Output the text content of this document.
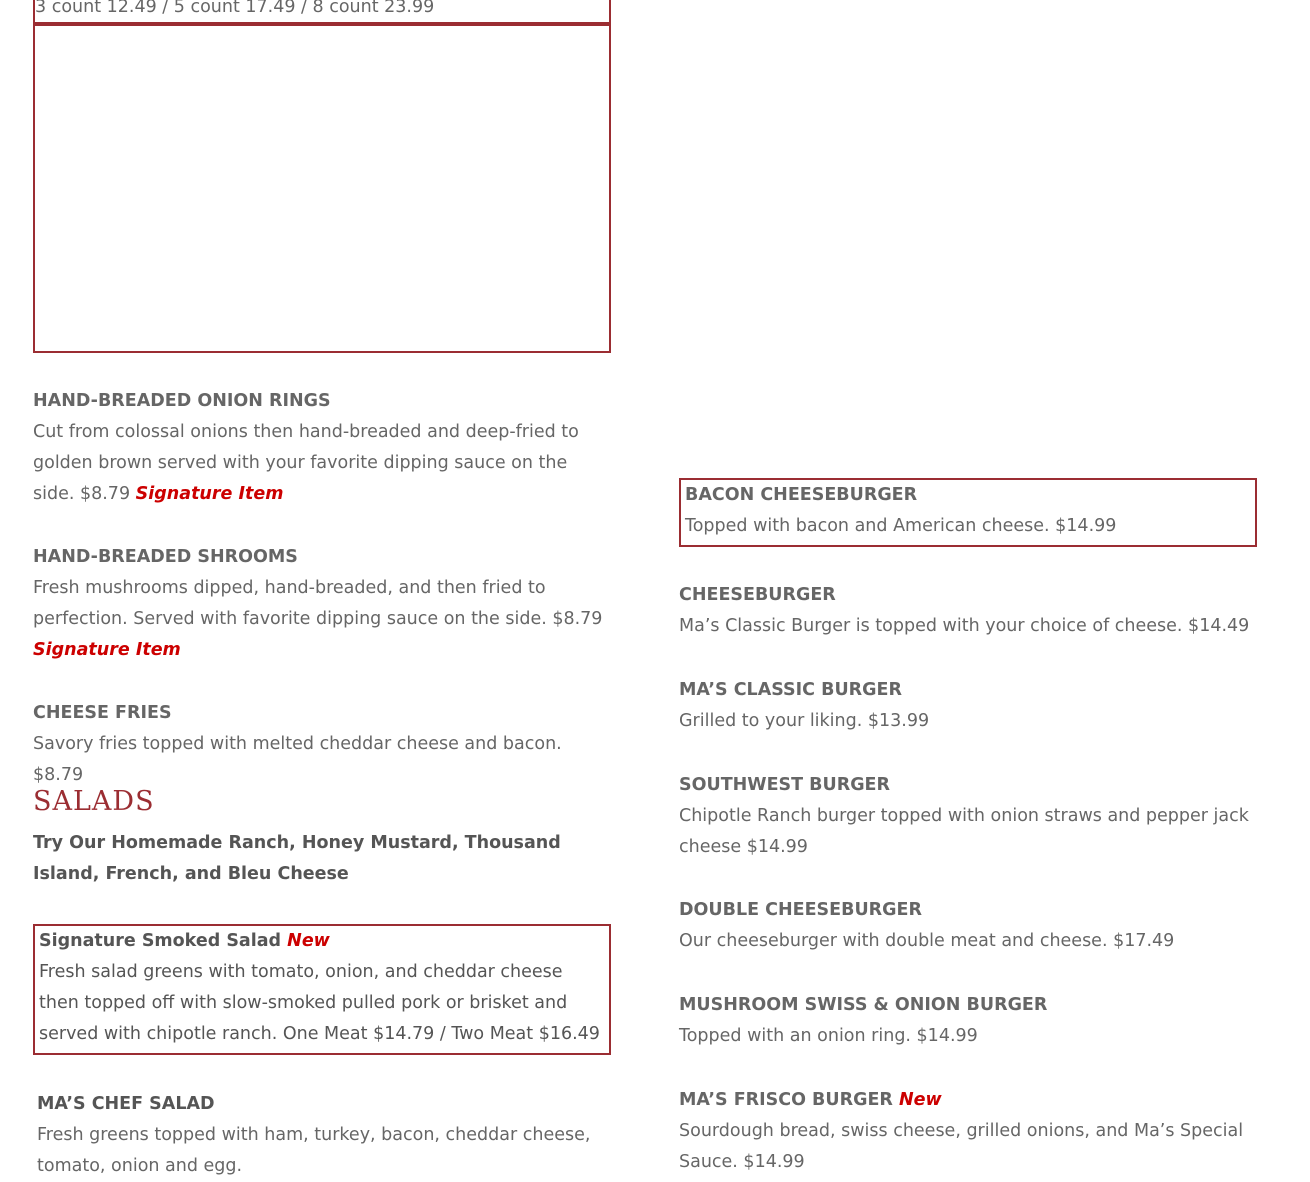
3 count 12.49 / 5 count 17.49 / 8 count 23.99
HAND-BREADED ONION RINGS
Cut from colossal onions then hand-breaded and deep-fried to golden brown served with your favorite dipping sauce on the side. $8.79 Signature Item
HAND-BREADED SHROOMS
Fresh mushrooms dipped, hand-breaded, and then fried to perfection. Served with favorite dipping sauce on the side. $8.79 Signature Item
CHEESE FRIES
Savory fries topped with melted cheddar cheese and bacon. $8.79
SALADS
Try Our Homemade Ranch, Honey Mustard, Thousand Island, French, and Bleu Cheese
Signature Smoked Salad New
Fresh salad greens with tomato, onion, and cheddar cheese then topped off with slow-smoked pulled pork or brisket and served with chipotle ranch. One Meat $14.79 / Two Meat $16.49
MA’S CHEF SALAD
Fresh greens topped with ham, turkey, bacon, cheddar cheese, tomato, onion and egg.
BACON CHEESEBURGER
Topped with bacon and American cheese. $14.99
CHEESEBURGER
Ma’s Classic Burger is topped with your choice of cheese. $14.49
MA’S CLASSIC BURGER
Grilled to your liking. $13.99
SOUTHWEST BURGER
Chipotle Ranch burger topped with onion straws and pepper jack cheese $14.99
DOUBLE CHEESEBURGER
Our cheeseburger with double meat and cheese. $17.49
MUSHROOM SWISS & ONION BURGER
Topped with an onion ring. $14.99
MA’S FRISCO BURGER New
Sourdough bread, swiss cheese, grilled onions, and Ma’s Special Sauce. $14.99
